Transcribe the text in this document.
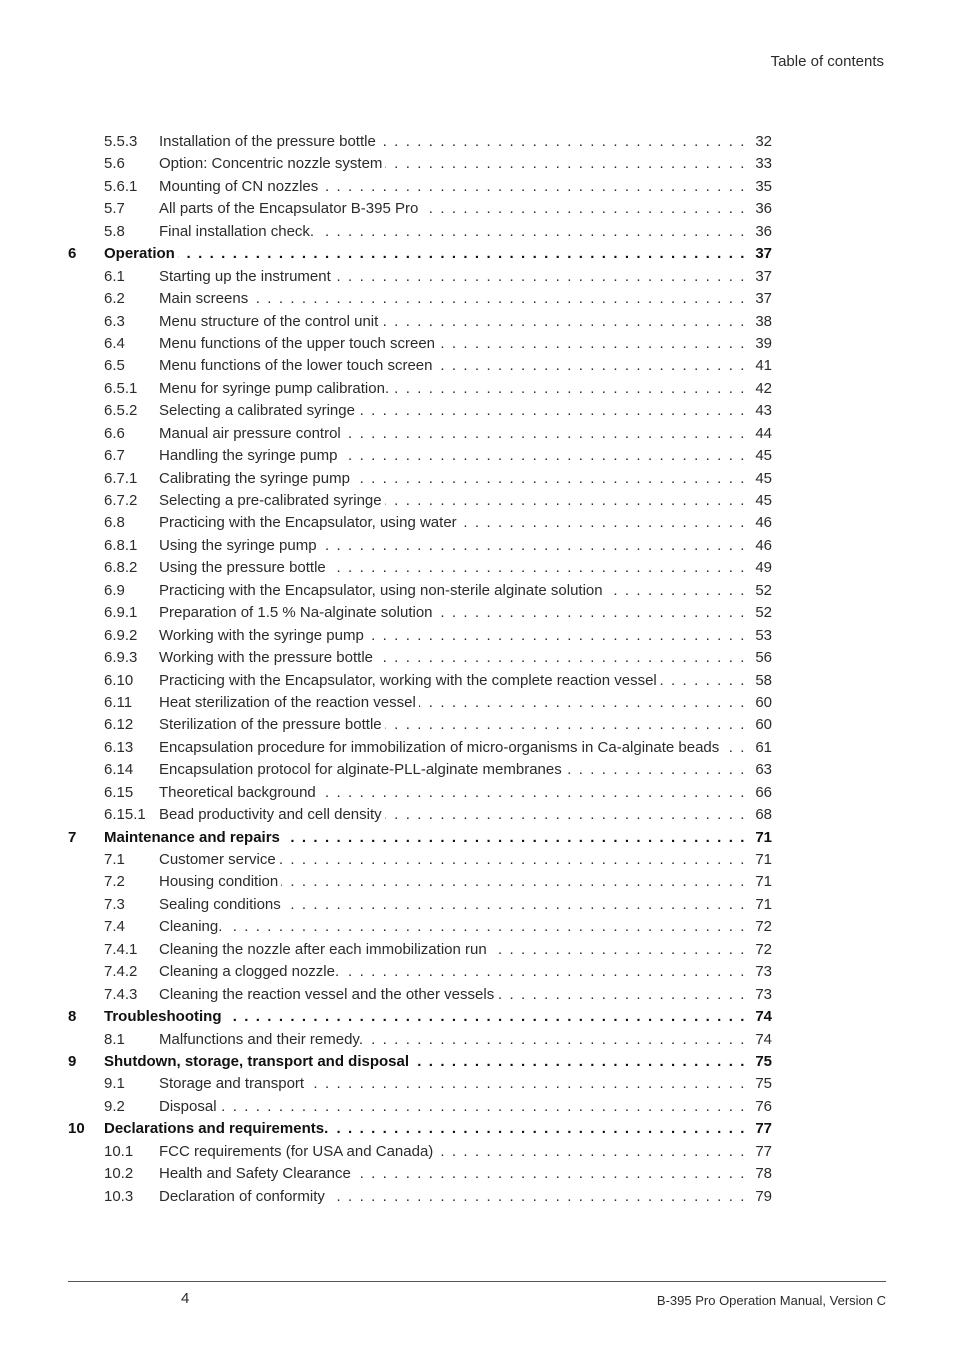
Table of contents
5.5.3 Installation of the pressure bottle . . .	32
5.6 Option: Concentric nozzle system . . .	33
5.6.1 Mounting of CN nozzles . . .	35
5.7 All parts of the Encapsulator B-395 Pro . . .	36
5.8 Final installation check. . . .	36
6 Operation . . .	37
6.1 Starting up the instrument . . .	37
6.2 Main screens . . .	37
6.3 Menu structure of the control unit . . .	38
6.4 Menu functions of the upper touch screen . . .	39
6.5 Menu functions of the lower touch screen . . .	41
6.5.1 Menu for syringe pump calibration. . . .	42
6.5.2 Selecting a calibrated syringe . . .	43
6.6 Manual air pressure control . . .	44
6.7 Handling the syringe pump . . .	45
6.7.1 Calibrating the syringe pump . . .	45
6.7.2 Selecting a pre-calibrated syringe . . .	45
6.8 Practicing with the Encapsulator, using water . . .	46
6.8.1 Using the syringe pump . . .	46
6.8.2 Using the pressure bottle . . .	49
6.9 Practicing with the Encapsulator, using non-sterile alginate solution . . .	52
6.9.1 Preparation of 1.5 % Na-alginate solution . . .	52
6.9.2 Working with the syringe pump . . .	53
6.9.3 Working with the pressure bottle . . .	56
6.10 Practicing with the Encapsulator, working with the complete reaction vessel . . .	58
6.11 Heat sterilization of the reaction vessel . . .	60
6.12 Sterilization of the pressure bottle . . .	60
6.13 Encapsulation procedure for immobilization of micro-organisms in Ca-alginate beads . . .	61
6.14 Encapsulation protocol for alginate-PLL-alginate membranes . . .	63
6.15 Theoretical background . . .	66
6.15.1 Bead productivity and cell density . . .	68
7 Maintenance and repairs . . .	71
7.1 Customer service . . .	71
7.2 Housing condition . . .	71
7.3 Sealing conditions . . .	71
7.4 Cleaning. . . .	72
7.4.1 Cleaning the nozzle after each immobilization run . . .	72
7.4.2 Cleaning a clogged nozzle. . . .	73
7.4.3 Cleaning the reaction vessel and the other vessels . . .	73
8 Troubleshooting . . .	74
8.1 Malfunctions and their remedy. . . .	74
9 Shutdown, storage, transport and disposal . . .	75
9.1 Storage and transport . . .	75
9.2 Disposal . . .	76
10 Declarations and requirements. . . .	77
10.1 FCC requirements (for USA and Canada) . . .	77
10.2 Health and Safety Clearance . . .	78
10.3 Declaration of conformity . . .	79
4	B-395 Pro Operation Manual, Version C
